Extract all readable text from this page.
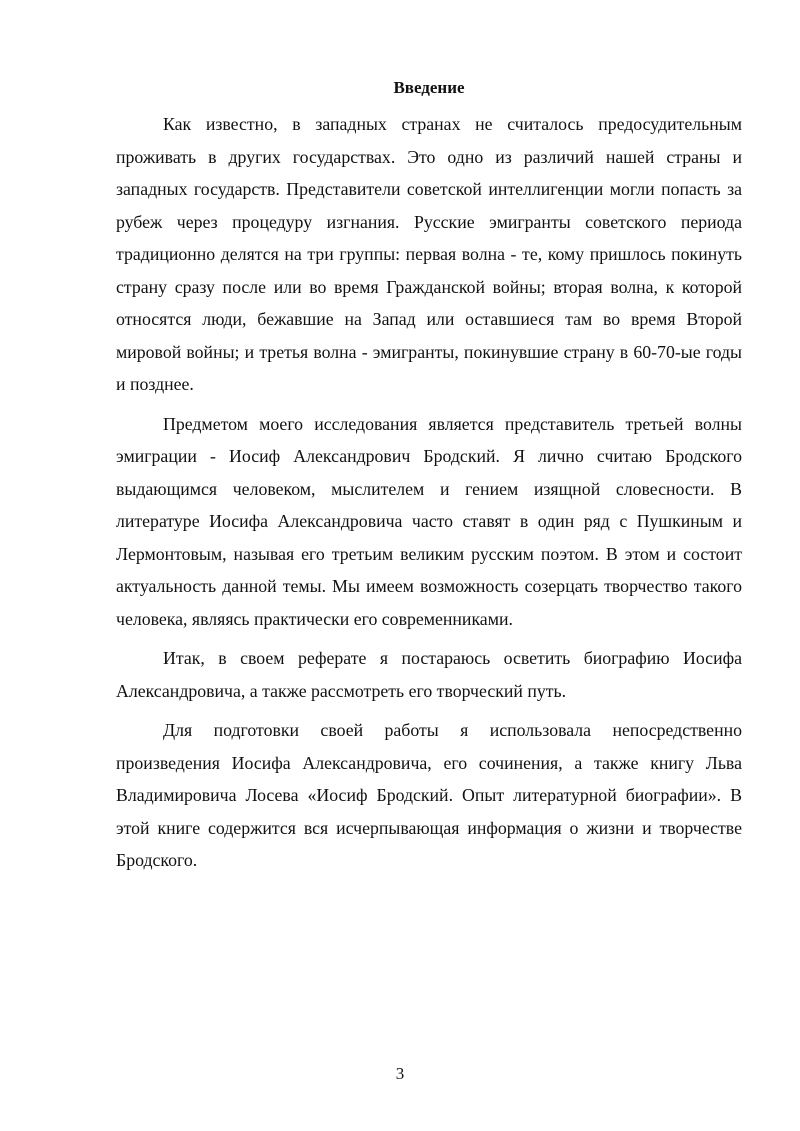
Введение

Как известно, в западных странах не считалось предосудительным проживать в других государствах. Это одно из различий нашей страны и западных государств. Представители советской интеллигенции могли попасть за рубеж через процедуру изгнания. Русские эмигранты советского периода традиционно делятся на три группы: первая волна - те, кому пришлось покинуть страну сразу после или во время Гражданской войны; вторая волна, к которой относятся люди, бежавшие на Запад или оставшиеся там во время Второй мировой войны; и третья волна - эмигранты, покинувшие страну в 60-70-ые годы и позднее.

Предметом моего исследования является представитель третьей волны эмиграции - Иосиф Александрович Бродский. Я лично считаю Бродского выдающимся человеком, мыслителем и гением изящной словесности. В литературе Иосифа Александровича часто ставят в один ряд с Пушкиным и Лермонтовым, называя его третьим великим русским поэтом. В этом и состоит актуальность данной темы. Мы имеем возможность созерцать творчество такого человека, являясь практически его современниками.

Итак, в своем реферате я постараюсь осветить биографию Иосифа Александровича, а также рассмотреть его творческий путь.

Для подготовки своей работы я использовала непосредственно произведения Иосифа Александровича, его сочинения, а также книгу Льва Владимировича Лосева «Иосиф Бродский. Опыт литературной биографии». В этой книге содержится вся исчерпывающая информация о жизни и творчестве Бродского.

3
